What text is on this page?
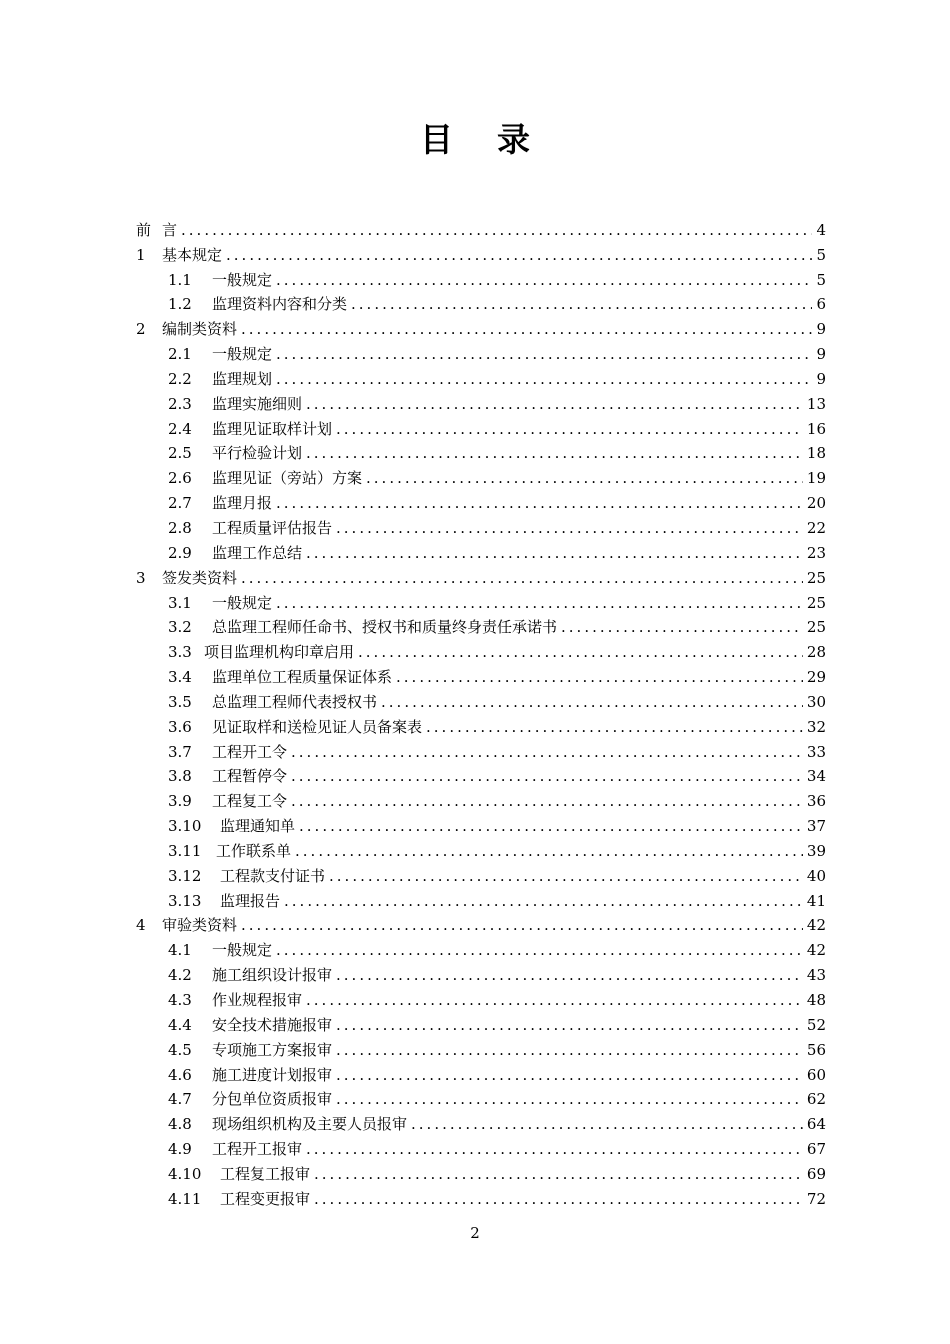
目 录
前 言 .....	4
1	基本规定 .....	5
1.1	一般规定 .....	5
1.2	监理资料内容和分类 .....	6
2	编制类资料 .....	9
2.1	一般规定 .....	9
2.2	监理规划 .....	9
2.3	监理实施细则 .....	13
2.4	监理见证取样计划 .....	16
2.5	平行检验计划 .....	18
2.6	监理见证（旁站）方案 .....	19
2.7	监理月报 .....	20
2.8	工程质量评估报告 .....	22
2.9	监理工作总结 .....	23
3	签发类资料 .....	25
3.1	一般规定 .....	25
3.2	总监理工程师任命书、授权书和质量终身责任承诺书 .....	25
3.3 项目监理机构印章启用 .....	28
3.4	监理单位工程质量保证体系 .....	29
3.5	总监理工程师代表授权书 .....	30
3.6	见证取样和送检见证人员备案表 .....	32
3.7	工程开工令 .....	33
3.8	工程暂停令 .....	34
3.9	工程复工令 .....	36
3.10	监理通知单 .....	37
3.11 工作联系单 .....	39
3.12	工程款支付证书 .....	40
3.13	监理报告 .....	41
4	审验类资料 .....	42
4.1	一般规定 .....	42
4.2	施工组织设计报审 .....	43
4.3	作业规程报审 .....	48
4.4	安全技术措施报审 .....	52
4.5	专项施工方案报审 .....	56
4.6	施工进度计划报审 .....	60
4.7	分包单位资质报审 .....	62
4.8	现场组织机构及主要人员报审 .....	64
4.9	工程开工报审 .....	67
4.10	工程复工报审 .....	69
4.11	工程变更报审 .....	72
2
